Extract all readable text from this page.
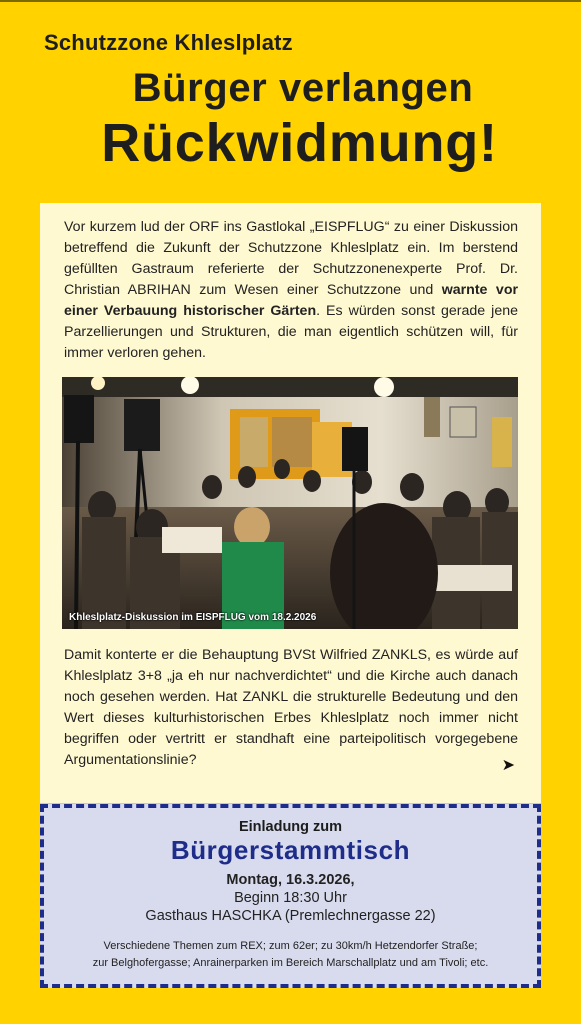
Schutzzone Khleslplatz
Bürger verlangen
Rückwidmung!
Vor kurzem lud der ORF ins Gastlokal „EISPFLUG“ zu einer Diskussion betreffend die Zukunft der Schutzzone Khleslplatz ein. Im berstend gefüllten Gastraum referierte der Schutzzonenexperte Prof. Dr. Christian ABRIHAN zum Wesen einer Schutzzone und warnte vor einer Verbauung historischer Gärten. Es würden sonst gerade jene Parzellierungen und Strukturen, die man eigentlich schützen will, für immer verloren gehen.
Khleslplatz-Diskussion im EISPFLUG vom 18.2.2026
Damit konterte er die Behauptung BVSt Wilfried ZANKLS, es würde auf Khleslplatz 3+8 „ja eh nur nachverdichtet“ und die Kirche auch danach noch gesehen werden. Hat ZANKL die strukturelle Bedeutung und den Wert dieses kulturhistorischen Erbes Khleslplatz noch immer nicht begriffen oder vertritt er standhaft eine parteipolitisch vorgegebene Argumentationslinie?	➤
Einladung zum
Bürgerstammtisch
Montag, 16.3.2026,
Beginn 18:30 Uhr
Gasthaus HASCHKA (Premlechnergasse 22)
Verschiedene Themen zum REX; zum 62er; zu 30km/h Hetzendorfer Straße;
zur Belghofergasse; Anrainerparken im Bereich Marschallplatz und am Tivoli; etc.
